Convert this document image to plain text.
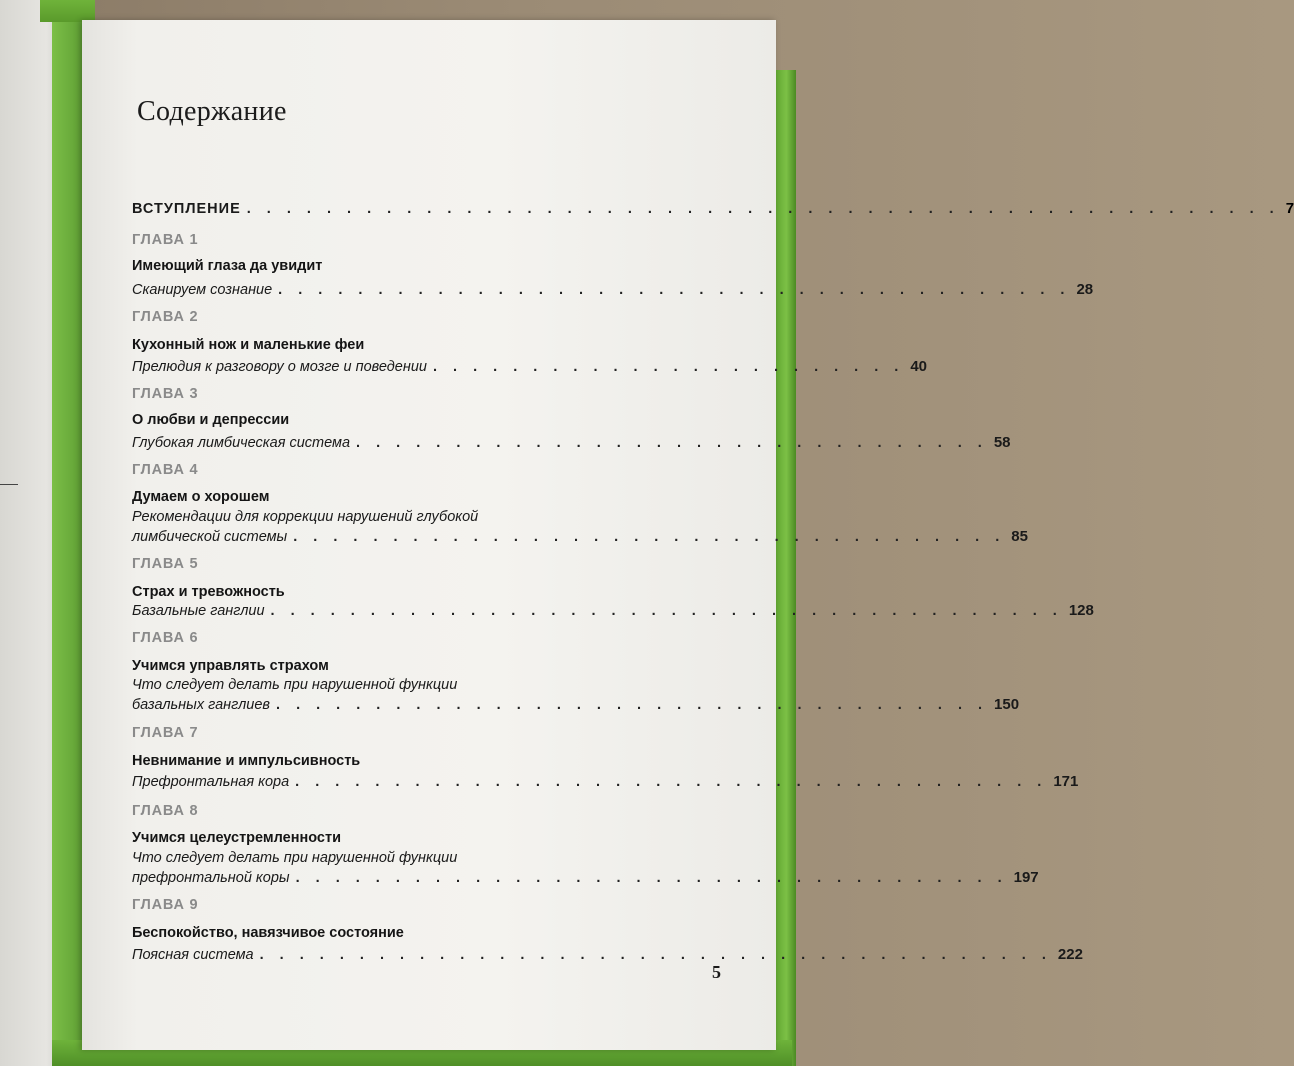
Содержание
ВСТУПЛЕНИЕ . . . . . . . . . . . . . . . . . . . . . . . . . . . . . . . . . . . . . . . . . . . . . . . . . . . . 7
ГЛАВА 1
Имеющий глаза да увидит
Сканируем сознание . . . . . . . . . . . . . . . . . . . . . . . . . . . . . . . . . . . . . . . . 28
ГЛАВА 2
Кухонный нож и маленькие феи
Прелюдия к разговору о мозге и поведении . . . . . . . . . . . . . . . . . . . . . . . . 40
ГЛАВА 3
О любви и депрессии
Глубокая лимбическая система . . . . . . . . . . . . . . . . . . . . . . . . . . . . . . . . 58
ГЛАВА 4
Думаем о хорошем
Рекомендации для коррекции нарушений глубокой
лимбической системы . . . . . . . . . . . . . . . . . . . . . . . . . . . . . . . . . . . . 85
ГЛАВА 5
Страх и тревожность
Базальные ганглии . . . . . . . . . . . . . . . . . . . . . . . . . . . . . . . . . . . . . . . . 128
ГЛАВА 6
Учимся управлять страхом
Что следует делать при нарушенной функции
базальных ганглиев . . . . . . . . . . . . . . . . . . . . . . . . . . . . . . . . . . . . 150
ГЛАВА 7
Невнимание и импульсивность
Префронтальная кора . . . . . . . . . . . . . . . . . . . . . . . . . . . . . . . . . . . . . . 171
ГЛАВА 8
Учимся целеустремленности
Что следует делать при нарушенной функции
префронтальной коры . . . . . . . . . . . . . . . . . . . . . . . . . . . . . . . . . . . . 197
ГЛАВА 9
Беспокойство, навязчивое состояние
Поясная система . . . . . . . . . . . . . . . . . . . . . . . . . . . . . . . . . . . . . . . . 222
5
